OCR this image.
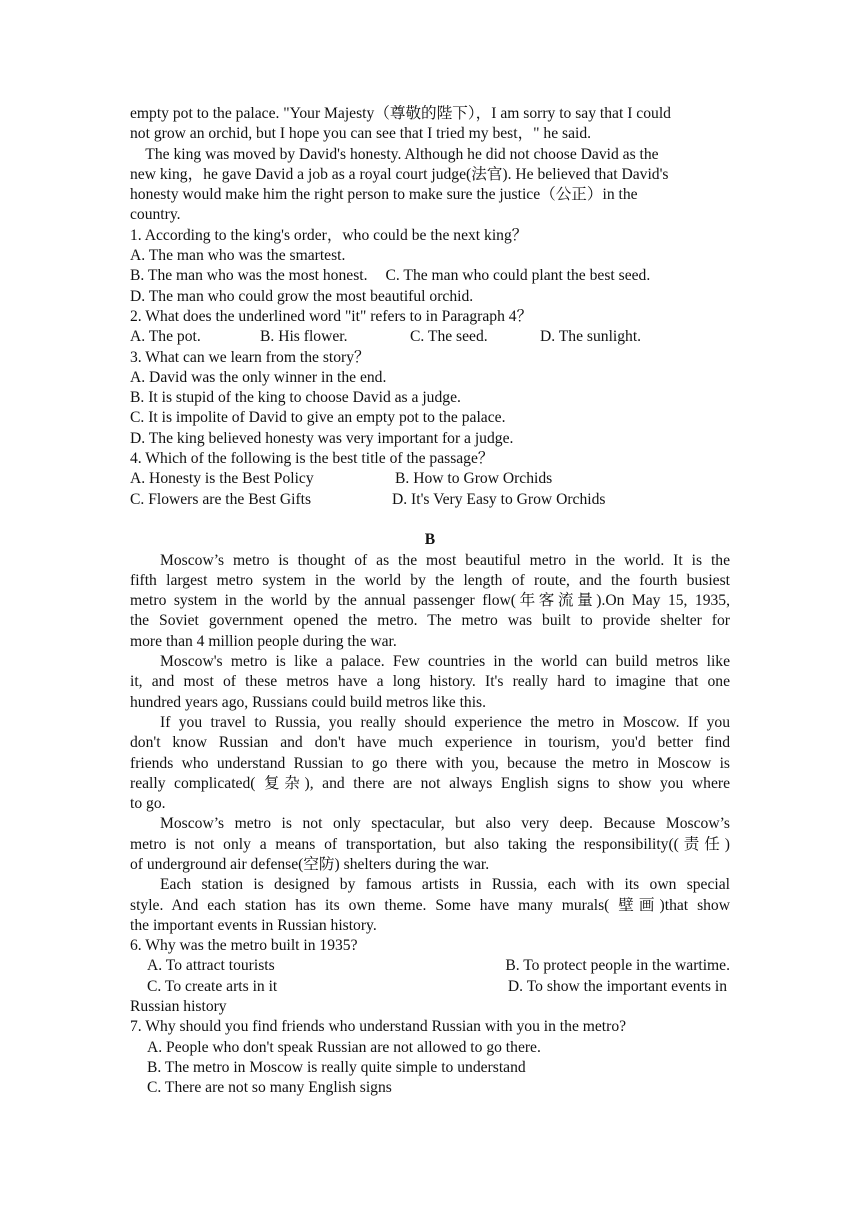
empty pot to the palace. "Your Majesty（尊敬的陛下），I am sorry to say that I could
not grow an orchid, but I hope you can see that I tried my best，" he said.
The king was moved by David's honesty. Although he did not choose David as the
new king，he gave David a job as a royal court judge(法官). He believed that David's
honesty would make him the right person to make sure the justice（公正）in the
country.
1. According to the king's order，who could be the next king？
A. The man who was the smartest.
B. The man who was the most honest. C. The man who could plant the best seed.
D. The man who could grow the most beautiful orchid.
2. What does the underlined word "it" refers to in Paragraph 4？
A. The pot.	B. His flower.	C. The seed.	D. The sunlight.
3. What can we learn from the story？
A. David was the only winner in the end.
B. It is stupid of the king to choose David as a judge.
C. It is impolite of David to give an empty pot to the palace.
D. The king believed honesty was very important for a judge.
4. Which of the following is the best title of the passage？
A. Honesty is the Best Policy	B. How to Grow Orchids
C. Flowers are the Best Gifts	D. It's Very Easy to Grow Orchids
B
Moscow’s metro is thought of as the most beautiful metro in the world. It is the
fifth largest metro system in the world by the length of route, and the fourth busiest
metro system in the world by the annual passenger flow(年客流量).On May 15, 1935,
the Soviet government opened the metro. The metro was built to provide shelter for
more than 4 million people during the war.
Moscow's metro is like a palace. Few countries in the world can build metros like
it, and most of these metros have a long history. It's really hard to imagine that one
hundred years ago, Russians could build metros like this.
If you travel to Russia, you really should experience the metro in Moscow. If you
don't know Russian and don't have much experience in tourism, you'd better find
friends who understand Russian to go there with you, because the metro in Moscow is
really complicated( 复杂), and there are not always English signs to show you where
to go.
Moscow’s metro is not only spectacular, but also very deep. Because Moscow’s
metro is not only a means of transportation, but also taking the responsibility((责任)
of underground air defense(空防) shelters during the war.
Each station is designed by famous artists in Russia, each with its own special
style. And each station has its own theme. Some have many murals( 壁画)that show
the important events in Russian history.
6. Why was the metro built in 1935?
A. To attract tourists	B. To protect people in the wartime.
C. To create arts in it	D. To show the important events in
Russian history
7. Why should you find friends who understand Russian with you in the metro?
A. People who don't speak Russian are not allowed to go there.
B. The metro in Moscow is really quite simple to understand
C. There are not so many English signs
